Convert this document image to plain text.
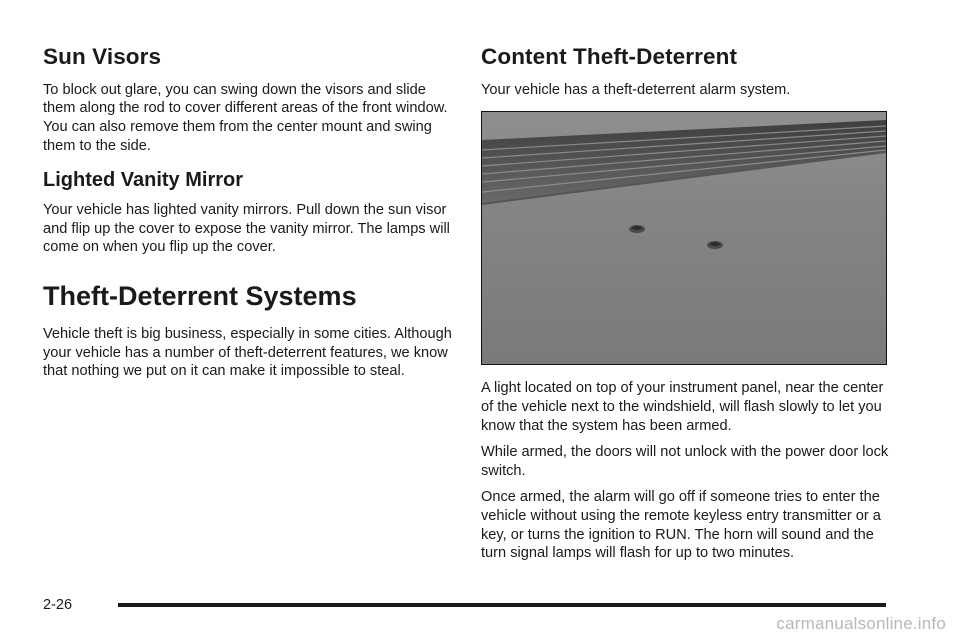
Sun Visors

To block out glare, you can swing down the visors and slide them along the rod to cover different areas of the front window. You can also remove them from the center mount and swing them to the side.

Lighted Vanity Mirror

Your vehicle has lighted vanity mirrors. Pull down the sun visor and flip up the cover to expose the vanity mirror. The lamps will come on when you flip up the cover.

Theft-Deterrent Systems

Vehicle theft is big business, especially in some cities. Although your vehicle has a number of theft-deterrent features, we know that nothing we put on it can make it impossible to steal.

Content Theft-Deterrent

Your vehicle has a theft-deterrent alarm system.

A light located on top of your instrument panel, near the center of the vehicle next to the windshield, will flash slowly to let you know that the system has been armed.

While armed, the doors will not unlock with the power door lock switch.

Once armed, the alarm will go off if someone tries to enter the vehicle without using the remote keyless entry transmitter or a key, or turns the ignition to RUN. The horn will sound and the turn signal lamps will flash for up to two minutes.

2-26
carmanualsonline.info
